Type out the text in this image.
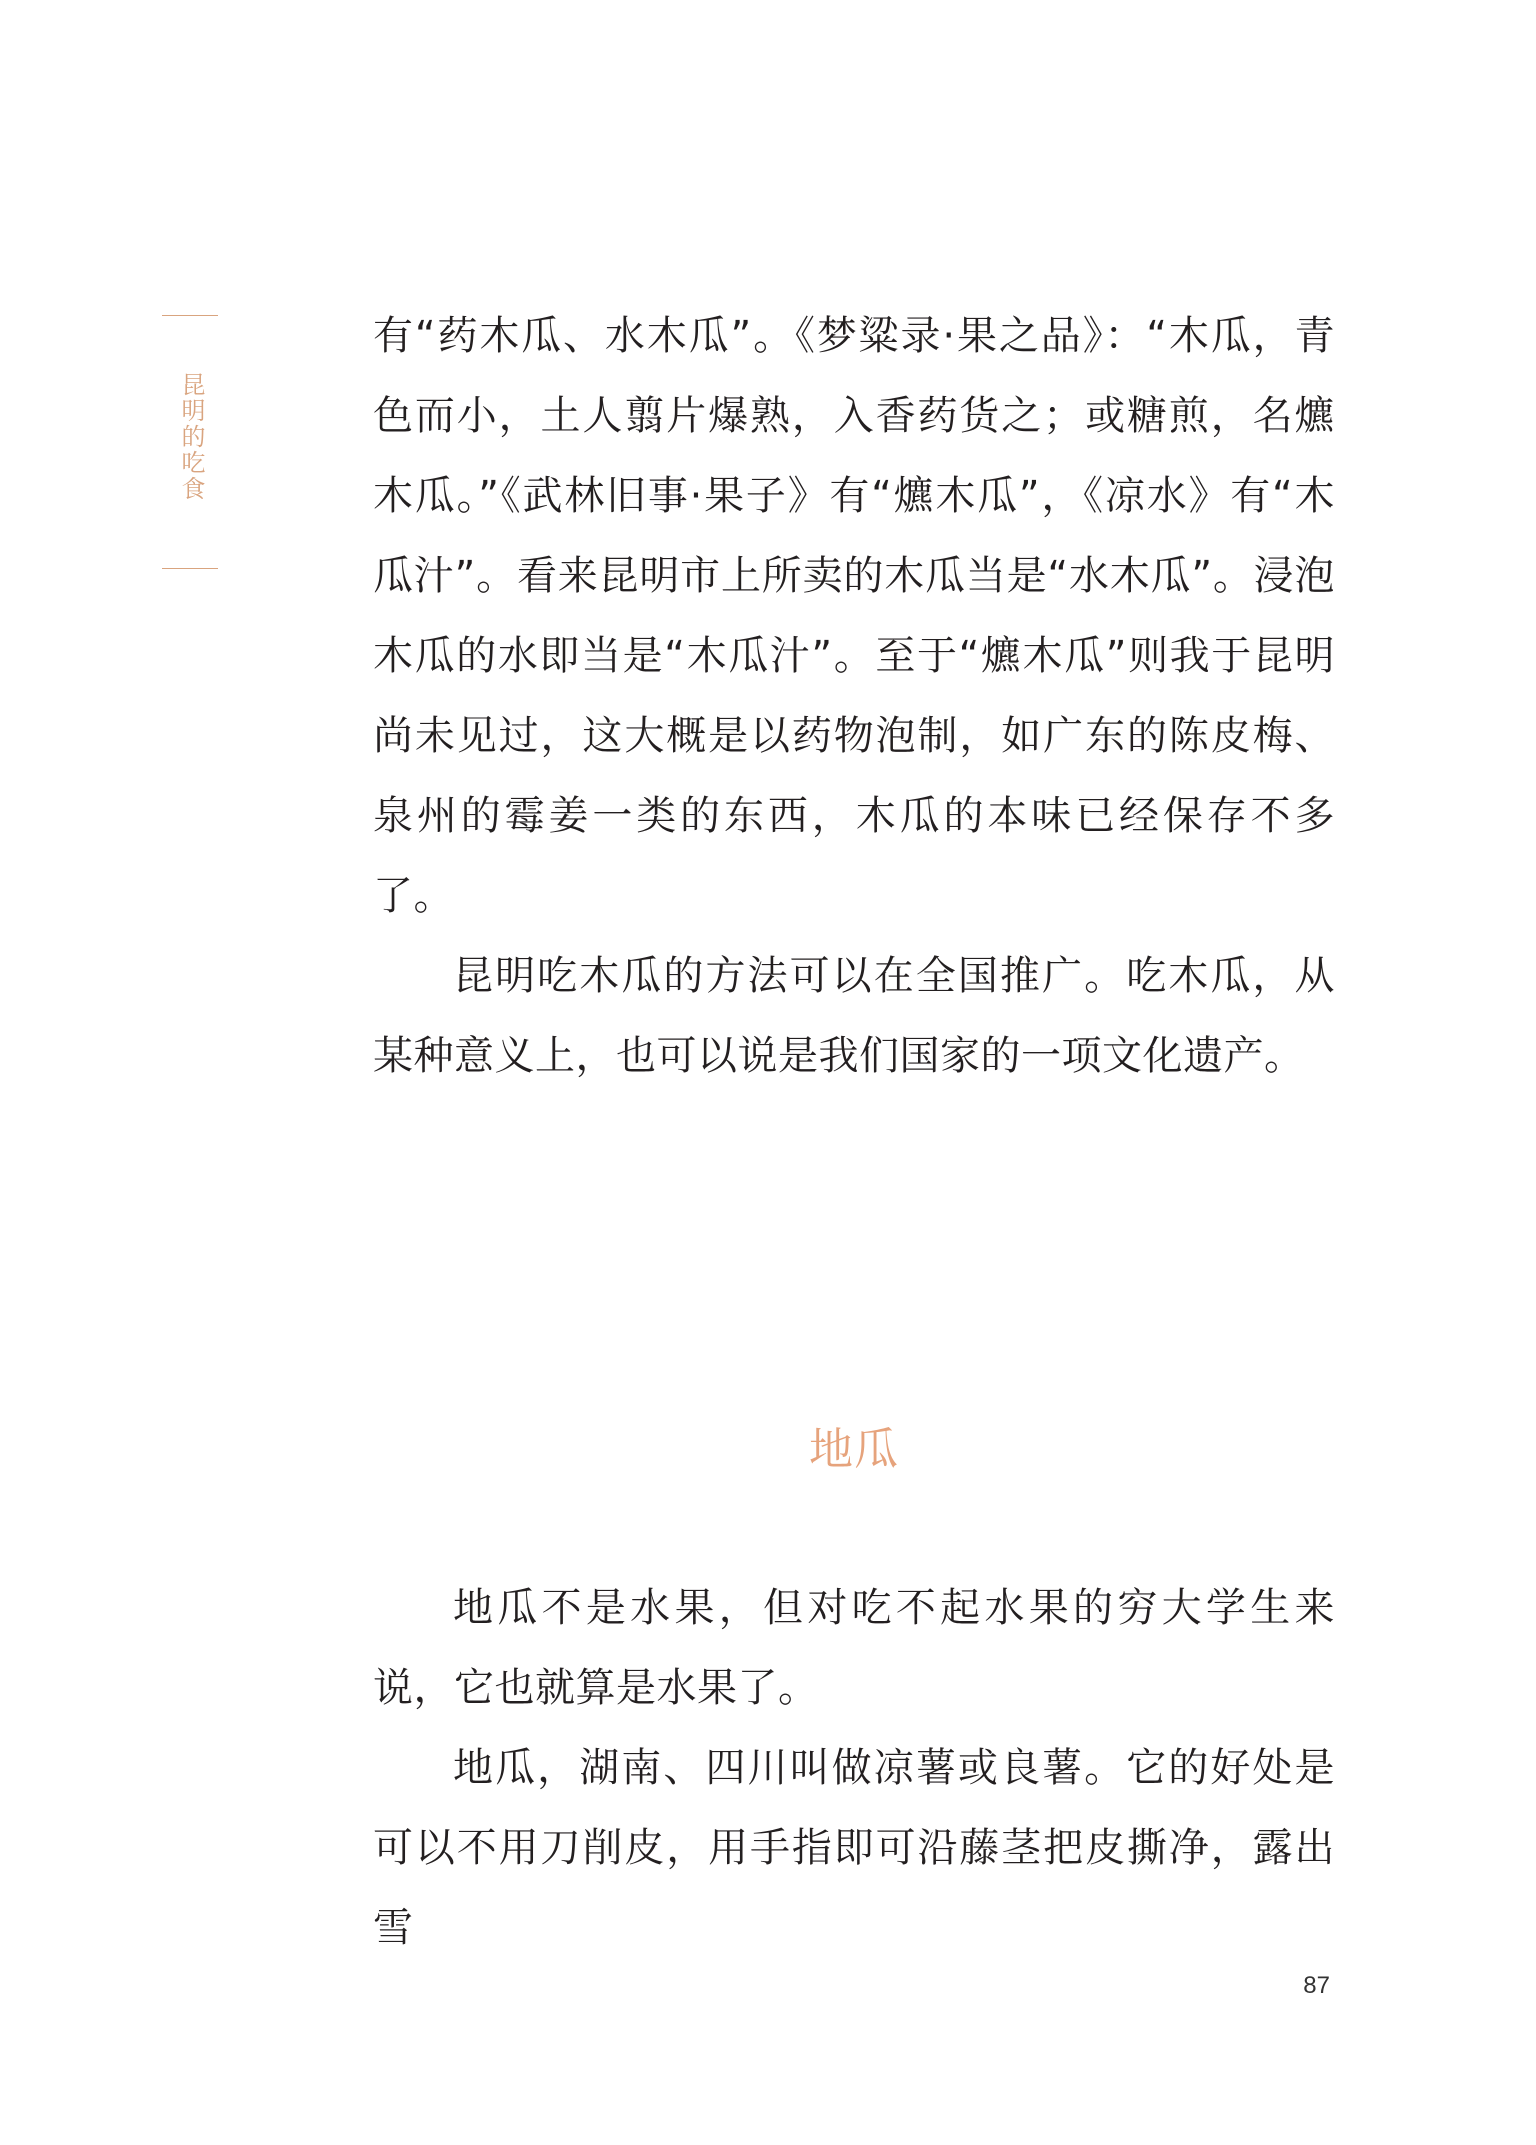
昆明的吃食

有“药木瓜、水木瓜”。《梦粱录·果之品》：“木瓜，青色而小，土人翦片爆熟，入香药货之；或糖煎，名爊木瓜。”《武林旧事·果子》有“爊木瓜”，《凉水》有“木瓜汁”。看来昆明市上所卖的木瓜当是“水木瓜”。浸泡木瓜的水即当是“木瓜汁”。至于“爊木瓜”则我于昆明尚未见过，这大概是以药物泡制，如广东的陈皮梅、泉州的霉姜一类的东西，木瓜的本味已经保存不多了。

昆明吃木瓜的方法可以在全国推广。吃木瓜，从某种意义上，也可以说是我们国家的一项文化遗产。

地瓜

地瓜不是水果，但对吃不起水果的穷大学生来说，它也就算是水果了。

地瓜，湖南、四川叫做凉薯或良薯。它的好处是可以不用刀削皮，用手指即可沿藤茎把皮撕净，露出雪

87
